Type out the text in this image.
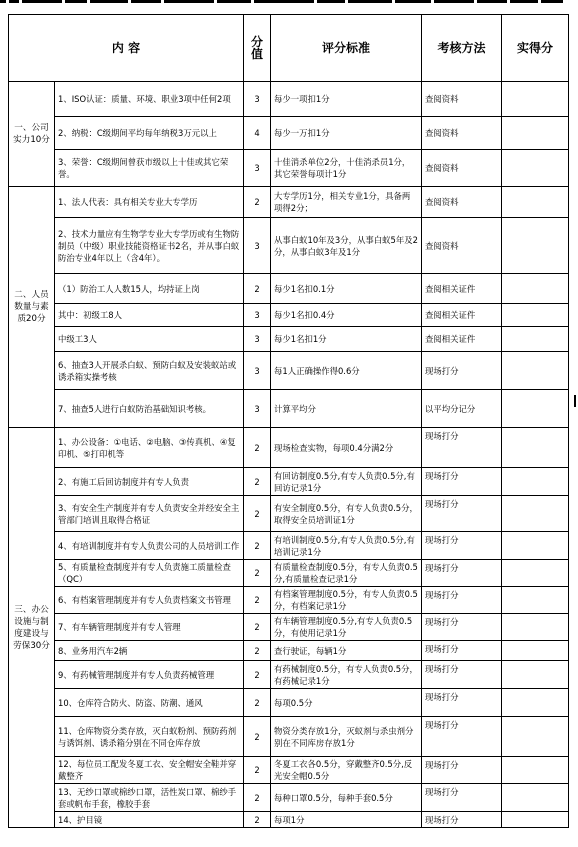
内 容		分值	评分标准	考核方法	实得分
一、公司实力10分	1、ISO认证：质量、环境、职业3项中任何2项	3	每少一项扣1分	查阅资料	
	2、纳税：C级期间平均每年纳税3万元以上	4	每少一万扣1分	查阅资料	
	3、荣誉：C级期间曾获市级以上十佳或其它荣誉。	3	十佳消杀单位2分，十佳消杀员1分，其它荣誉每项计1分	查阅资料	
二、人员数量与素质20分	1、法人代表：具有相关专业大专学历	2	大专学历1分，相关专业1分，具备两项得2分；	查阅资料	
	2、技术力量应有生物学专业大专学历或有生物防制员（中级）职业技能资格证书2名，并从事白蚁防治专业4年以上（含4年）。	3	从事白蚁10年及3分，从事白蚁5年及2分，从事白蚁3年及1分	查阅资料	
	（1）防治工人人数15人，均持证上岗	2	每少1名扣0.1分	查阅相关证件	
	其中：初级工8人	3	每少1名扣0.4分	查阅相关证件	
	中级工3人	3	每少1名扣1分	查阅相关证件	
	6、抽查3人开展杀白蚁、预防白蚁及安装蚁站或诱杀箱实操考核	3	每1人正确操作得0.6分	现场打分	
	7、抽查5人进行白蚁防治基础知识考核。	3	计算平均分	以平均分记分	
三、办公设施与制度建设与劳保30分	1、办公设备：①电话、②电脑、③传真机、④复印机、⑤打印机等	2	现场检查实物，每项0.4分满2分	现场打分	
	2、有施工后回访制度并有专人负责	2	有回访制度0.5分,有专人负责0.5分,有回访记录1分	现场打分	
	3、有安全生产制度并有专人负责安全并经安全主管部门培训且取得合格证	2	有安全制度0.5分，有专人负责0.5分，取得安全员培训证1分	现场打分	
	4、有培训制度并有专人负责公司的人员培训工作	2	有培训制度0.5分,有专人负责0.5分,有培训记录1分	现场打分	
	5、有质量检查制度并有专人负责施工质量检查（QC）	2	有质量检查制度0.5分，有专人负责0.5分,有质量检查记录1分	现场打分	
	6、有档案管理制度并有专人负责档案文书管理	2	有档案管理制度0.5分，有专人负责0.5分，有档案记录1分	现场打分	
	7、有车辆管理制度并有专人管理	2	有车辆管理制度0.5分,有专人负责0.5分，有使用记录1分	现场打分	
	8、业务用汽车2辆	2	查行驶证，每辆1分	现场打分	
	9、有药械管理制度并有专人负责药械管理	2	有药械制度0.5分，有专人负责0.5分，有药械记录1分	现场打分	
	10、仓库符合防火、防盗、防潮、通风	2	每项0.5分	现场打分	
	11、仓库物资分类存放，灭白蚁粉剂、预防药剂与诱饵剂、诱杀箱分别在不同仓库存放	2	物资分类存放1分，灭蚁剂与杀虫剂分别在不同库房存放1分	现场打分	
	12、每位员工配发冬夏工衣、安全帽安全鞋并穿戴整齐	2	冬夏工衣各0.5分，穿戴整齐0.5分,反光安全帽0.5分	现场打分	
	13、无纱口罩或棉纱口罩，活性炭口罩、棉纱手套或帆布手套，橡胶手套	2	每种口罩0.5分，每种手套0.5分	现场打分	
	14、护目镜	2	每项1分	现场打分	
